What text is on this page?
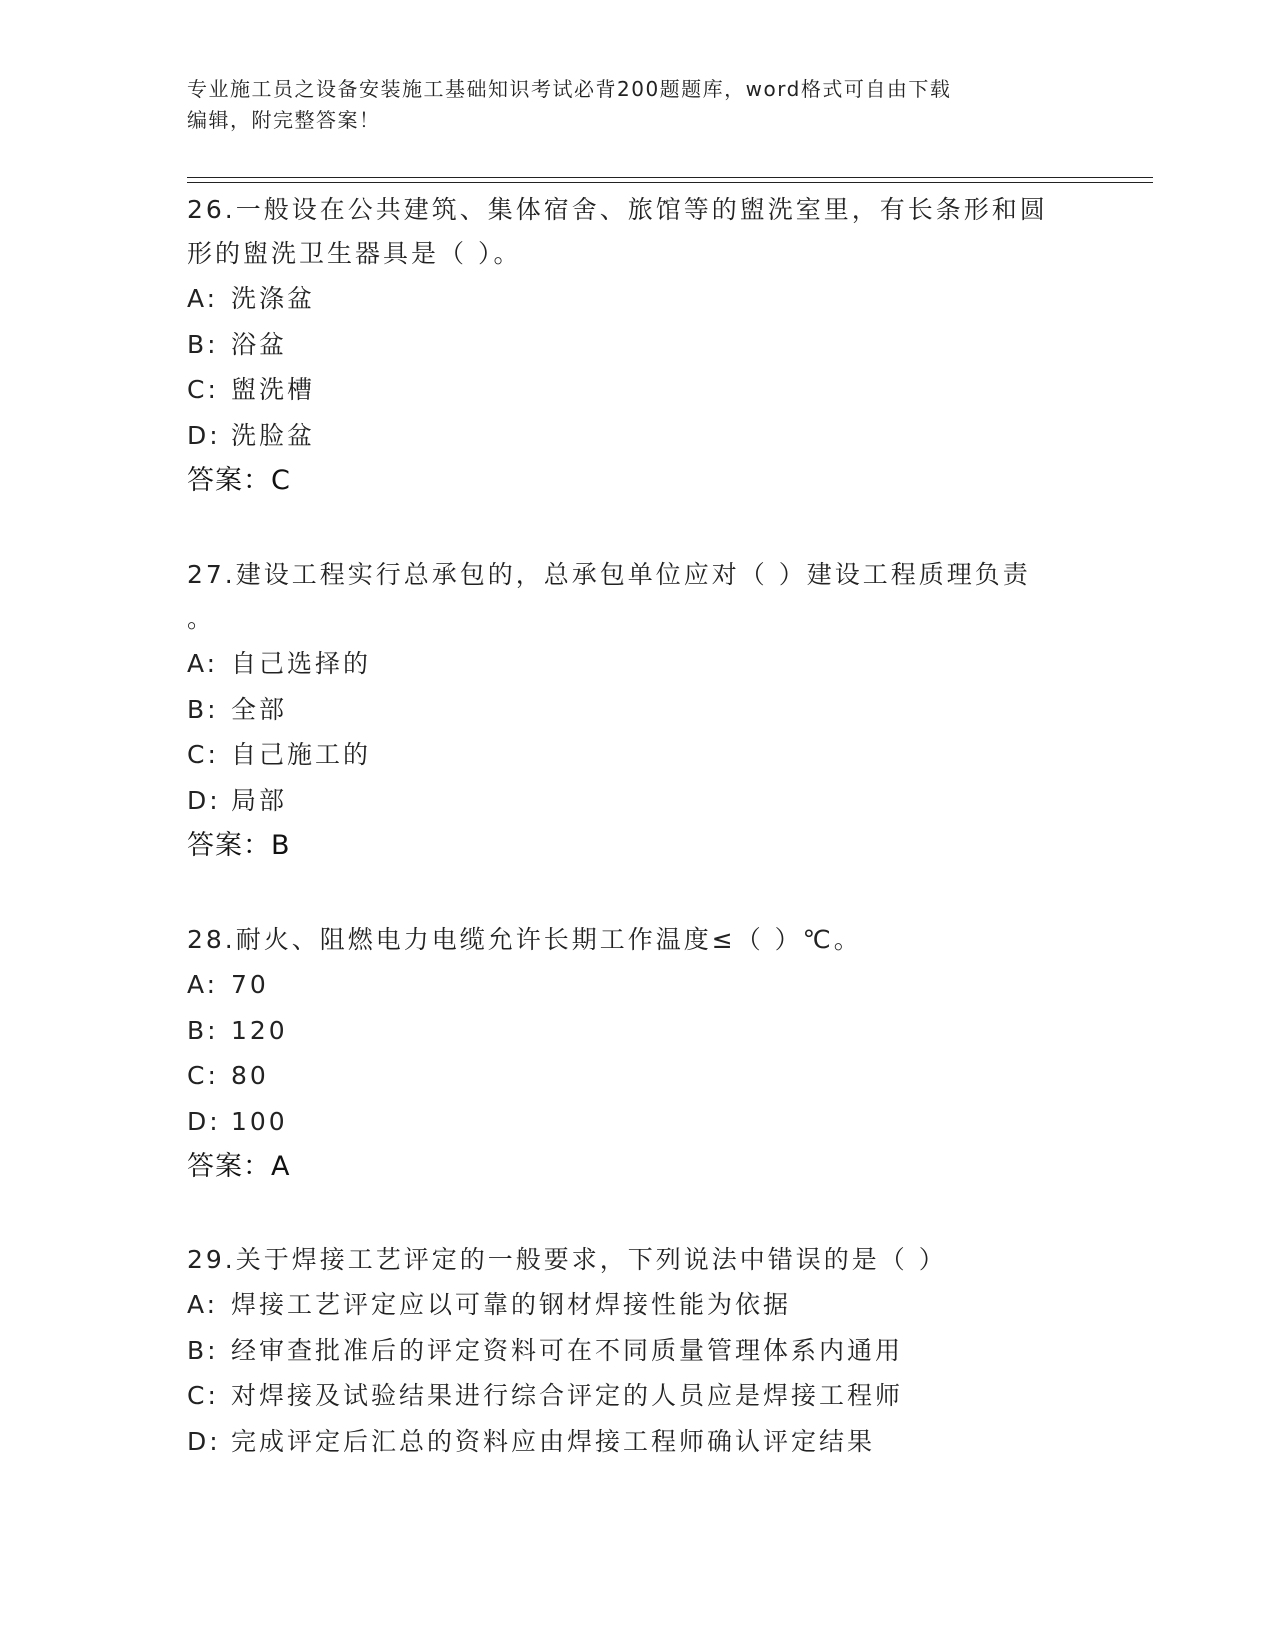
专业施工员之设备安装施工基础知识考试必背200题题库，word格式可自由下载
编辑，附完整答案！
26.一般设在公共建筑、集体宿舍、旅馆等的盥洗室里，有长条形和圆
形的盥洗卫生器具是（ ）。
A: 洗涤盆
B: 浴盆
C: 盥洗槽
D: 洗脸盆
答案：C
27.建设工程实行总承包的，总承包单位应对（ ）建设工程质理负责
。
A: 自己选择的
B: 全部
C: 自己施工的
D: 局部
答案：B
28.耐火、阻燃电力电缆允许长期工作温度≤（ ）℃。
A: 70
B: 120
C: 80
D: 100
答案：A
29.关于焊接工艺评定的一般要求，下列说法中错误的是（ ）
A: 焊接工艺评定应以可靠的钢材焊接性能为依据
B: 经审查批准后的评定资料可在不同质量管理体系内通用
C: 对焊接及试验结果进行综合评定的人员应是焊接工程师
D: 完成评定后汇总的资料应由焊接工程师确认评定结果
